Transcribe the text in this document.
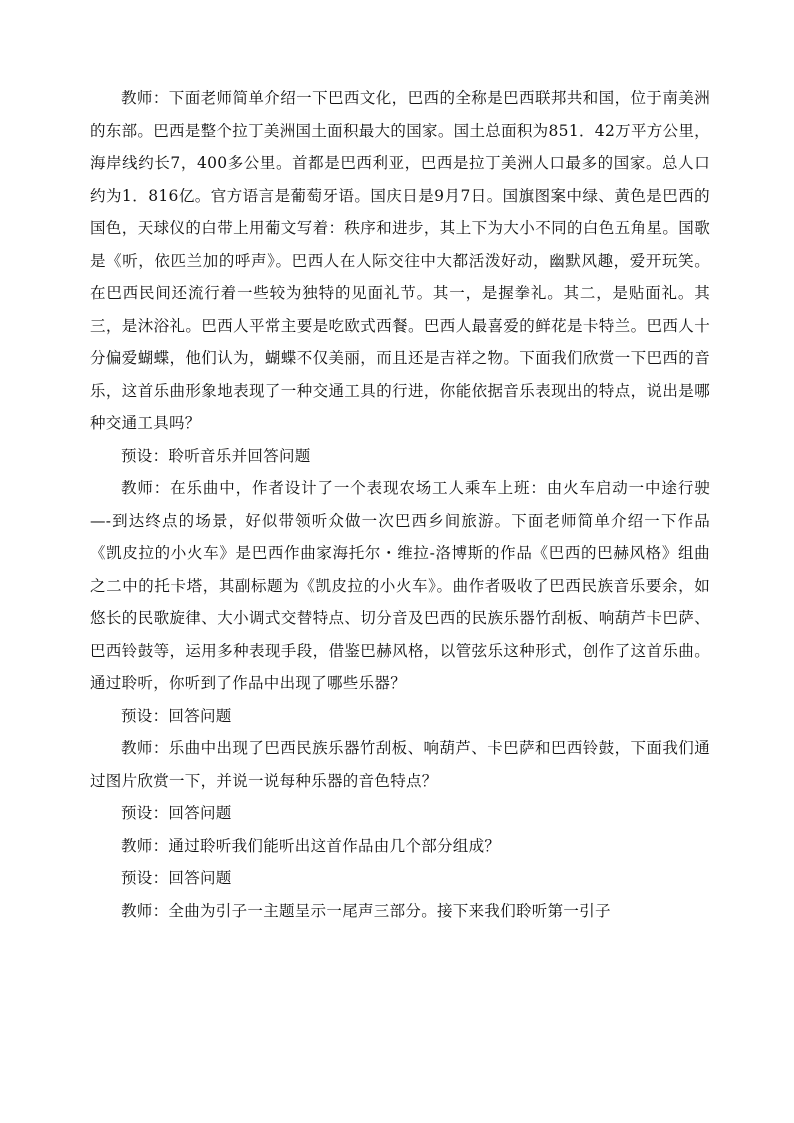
教师：下面老师简单介绍一下巴西文化，巴西的全称是巴西联邦共和国，位于南美洲的东部。巴西是整个拉丁美洲国土面积最大的国家。国土总面积为851．42万平方公里，海岸线约长7，400多公里。首都是巴西利亚，巴西是拉丁美洲人口最多的国家。总人口约为1．816亿。官方语言是葡萄牙语。国庆日是9月7日。国旗图案中绿、黄色是巴西的国色，天球仪的白带上用葡文写着：秩序和进步，其上下为大小不同的白色五角星。国歌是《听，依匹兰加的呼声》。巴西人在人际交往中大都活泼好动，幽默风趣，爱开玩笑。在巴西民间还流行着一些较为独特的见面礼节。其一，是握拳礼。其二，是贴面礼。其三，是沐浴礼。巴西人平常主要是吃欧式西餐。巴西人最喜爱的鲜花是卡特兰。巴西人十分偏爱蝴蝶，他们认为，蝴蝶不仅美丽，而且还是吉祥之物。下面我们欣赏一下巴西的音乐，这首乐曲形象地表现了一种交通工具的行进，你能依据音乐表现出的特点，说出是哪种交通工具吗？

预设：聆听音乐并回答问题

教师：在乐曲中，作者设计了一个表现农场工人乘车上班：由火车启动一中途行驶—-到达终点的场景，好似带领听众做一次巴西乡间旅游。下面老师简单介绍一下作品《凯皮拉的小火车》是巴西作曲家海托尔・维拉-洛博斯的作品《巴西的巴赫风格》组曲之二中的托卡塔，其副标题为《凯皮拉的小火车》。曲作者吸收了巴西民族音乐要余，如悠长的民歌旋律、大小调式交替特点、切分音及巴西的民族乐器竹刮板、响葫芦卡巴萨、巴西铃鼓等，运用多种表现手段，借鉴巴赫风格，以管弦乐这种形式，创作了这首乐曲。通过聆听，你听到了作品中出现了哪些乐器？

预设：回答问题

教师：乐曲中出现了巴西民族乐器竹刮板、响葫芦、卡巴萨和巴西铃鼓，下面我们通过图片欣赏一下，并说一说每种乐器的音色特点？

预设：回答问题

教师：通过聆听我们能听出这首作品由几个部分组成？

预设：回答问题

教师：全曲为引子一主题呈示一尾声三部分。接下来我们聆听第一引子
